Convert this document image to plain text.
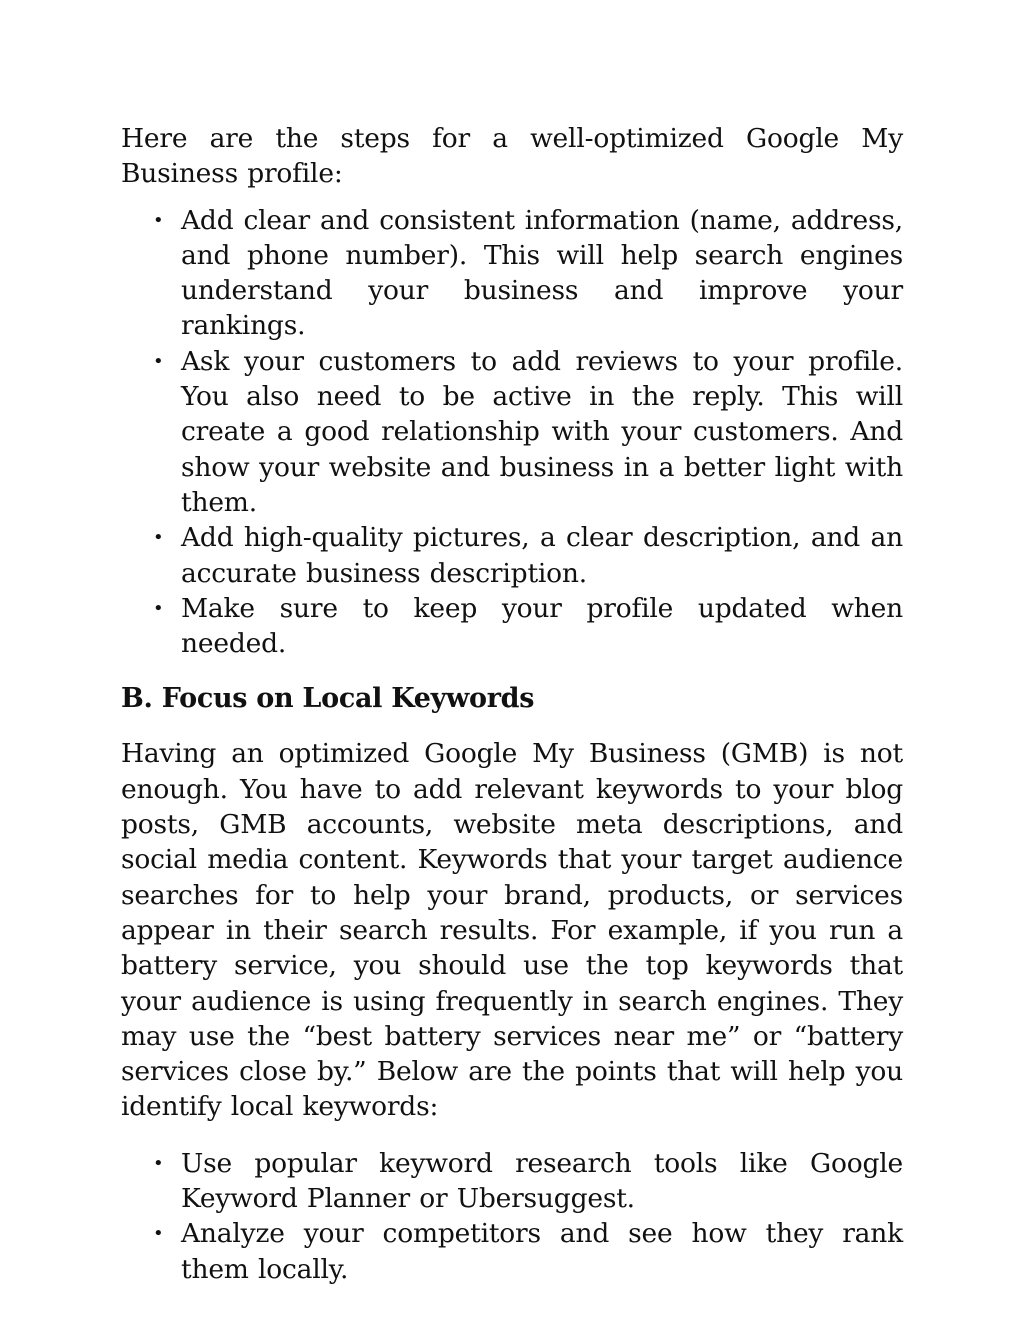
Here are the steps for a well-optimized Google My Business profile:

• Add clear and consistent information (name, address, and phone number). This will help search engines understand your business and improve your rankings.
• Ask your customers to add reviews to your profile. You also need to be active in the reply. This will create a good relationship with your customers. And show your website and business in a better light with them.
• Add high-quality pictures, a clear description, and an accurate business description.
• Make sure to keep your profile updated when needed.
B. Focus on Local Keywords

Having an optimized Google My Business (GMB) is not enough. You have to add relevant keywords to your blog posts, GMB accounts, website meta descriptions, and social media content. Keywords that your target audience searches for to help your brand, products, or services appear in their search results. For example, if you run a battery service, you should use the top keywords that your audience is using frequently in search engines. They may use the “best battery services near me” or “battery services close by.” Below are the points that will help you identify local keywords:

• Use popular keyword research tools like Google Keyword Planner or Ubersuggest.
• Analyze your competitors and see how they rank them locally.
